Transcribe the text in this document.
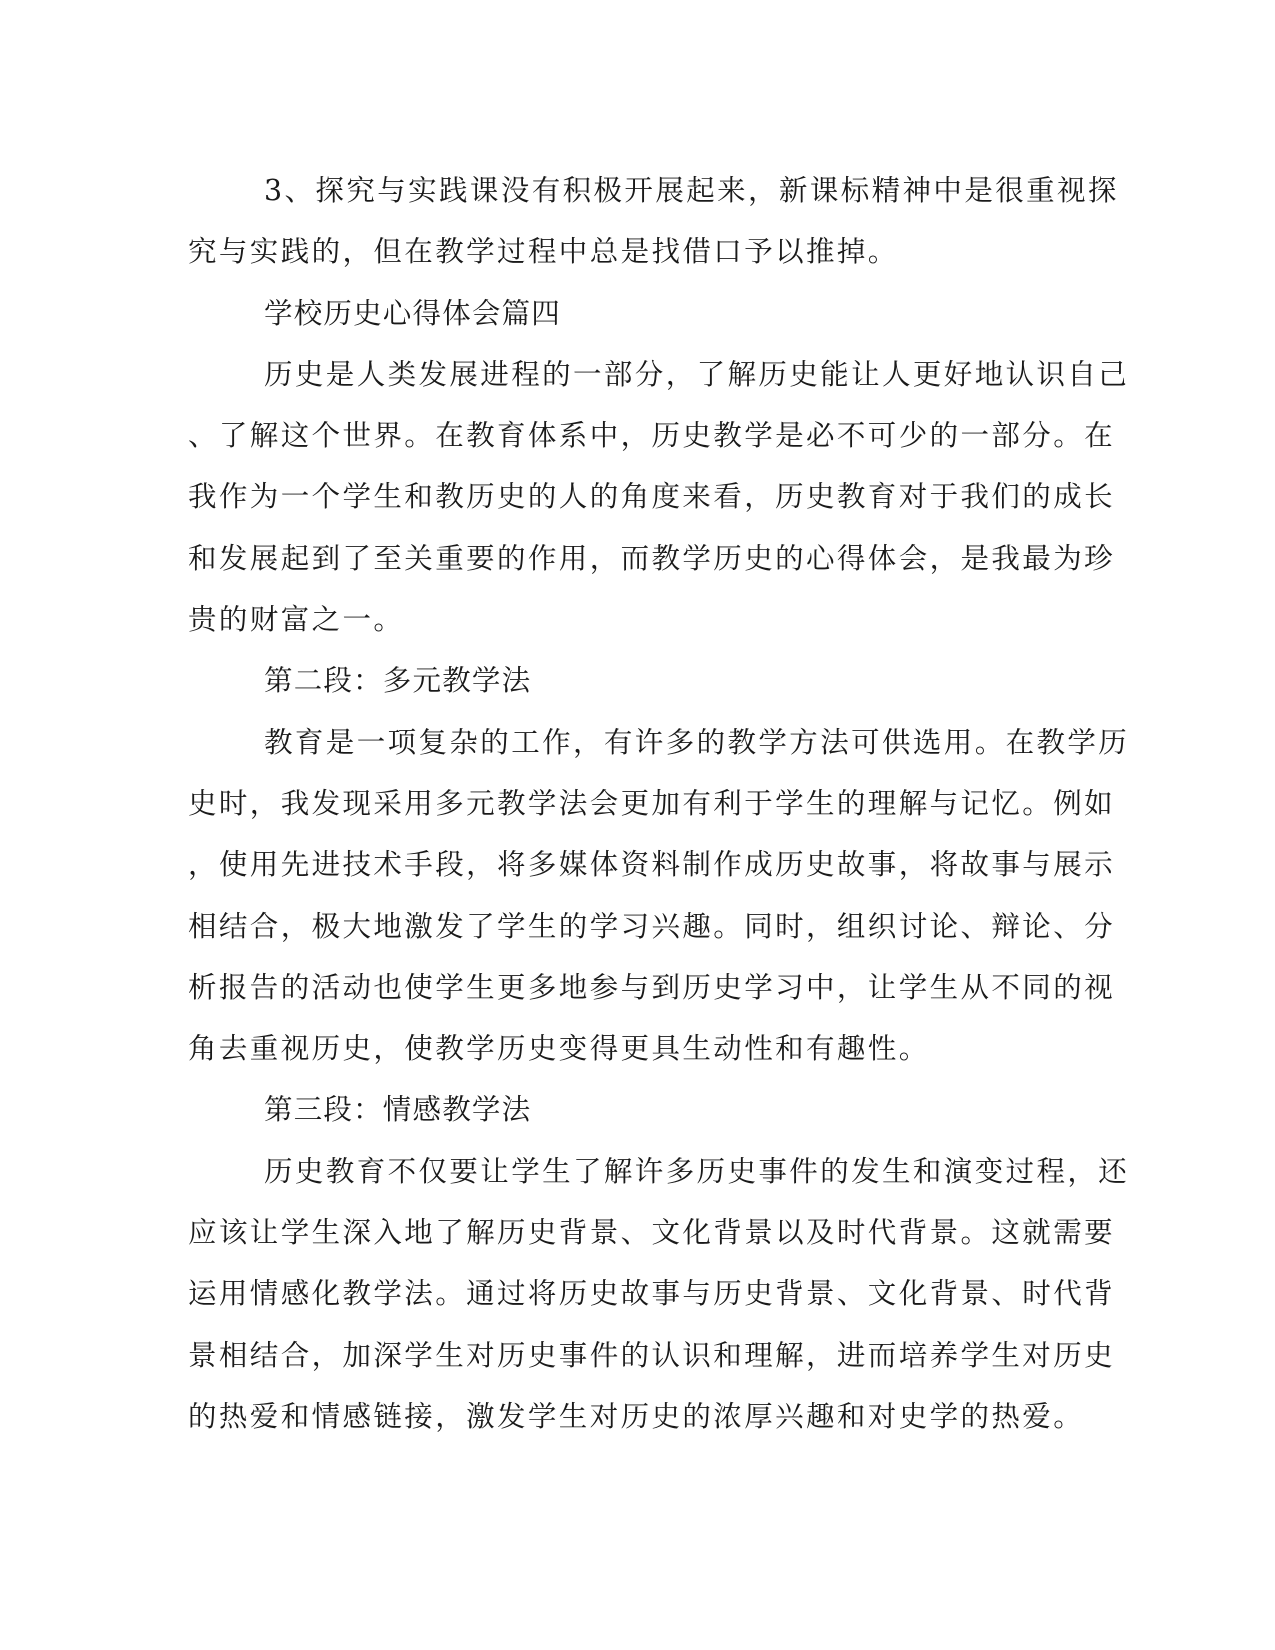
3、探究与实践课没有积极开展起来，新课标精神中是很重视探
究与实践的，但在教学过程中总是找借口予以推掉。
学校历史心得体会篇四
历史是人类发展进程的一部分，了解历史能让人更好地认识自己
、了解这个世界。在教育体系中，历史教学是必不可少的一部分。在
我作为一个学生和教历史的人的角度来看，历史教育对于我们的成长
和发展起到了至关重要的作用，而教学历史的心得体会，是我最为珍
贵的财富之一。
第二段：多元教学法
教育是一项复杂的工作，有许多的教学方法可供选用。在教学历
史时，我发现采用多元教学法会更加有利于学生的理解与记忆。例如
，使用先进技术手段，将多媒体资料制作成历史故事，将故事与展示
相结合，极大地激发了学生的学习兴趣。同时，组织讨论、辩论、分
析报告的活动也使学生更多地参与到历史学习中，让学生从不同的视
角去重视历史，使教学历史变得更具生动性和有趣性。
第三段：情感教学法
历史教育不仅要让学生了解许多历史事件的发生和演变过程，还
应该让学生深入地了解历史背景、文化背景以及时代背景。这就需要
运用情感化教学法。通过将历史故事与历史背景、文化背景、时代背
景相结合，加深学生对历史事件的认识和理解，进而培养学生对历史
的热爱和情感链接，激发学生对历史的浓厚兴趣和对史学的热爱。
